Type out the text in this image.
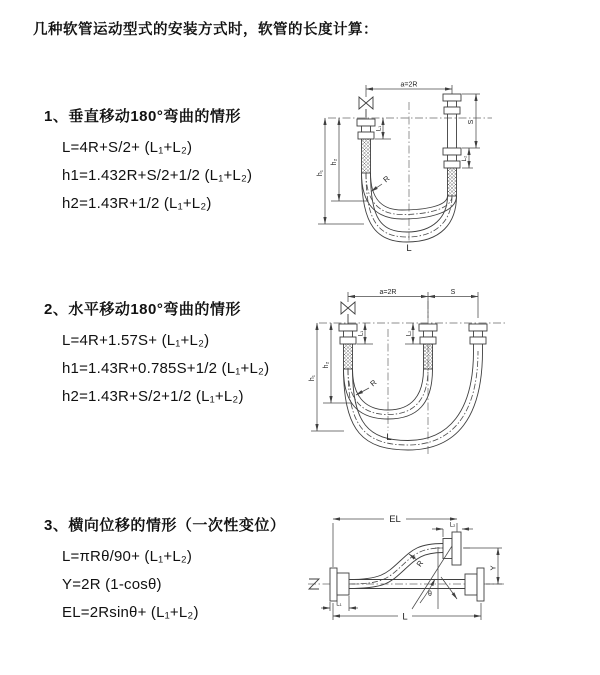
几种软管运动型式的安装方式时，软管的长度计算：
1、垂直移动180°弯曲的情形
L=4R+S/2+ (L₁+L₂)
h1=1.432R+S/2+1/2 (L₁+L₂)
h2=1.43R+1/2 (L₁+L₂)
2、水平移动180°弯曲的情形
L=4R+1.57S+ (L₁+L₂)
h1=1.43R+0.785S+1/2 (L₁+L₂)
h2=1.43R+S/2+1/2 (L₁+L₂)
3、横向位移的情形（一次性变位）
L=πRθ/90+ (L₁+L₂)
Y=2R (1-cosθ)
EL=2Rsinθ+ (L₁+L₂)
a=2R
h₁
h₂
L₁
S
L₂
R
L
a=2R	S
h₁
h₂
L₁	L₂
R
L
θ
EL	L₂
Y
L
L₁
R
